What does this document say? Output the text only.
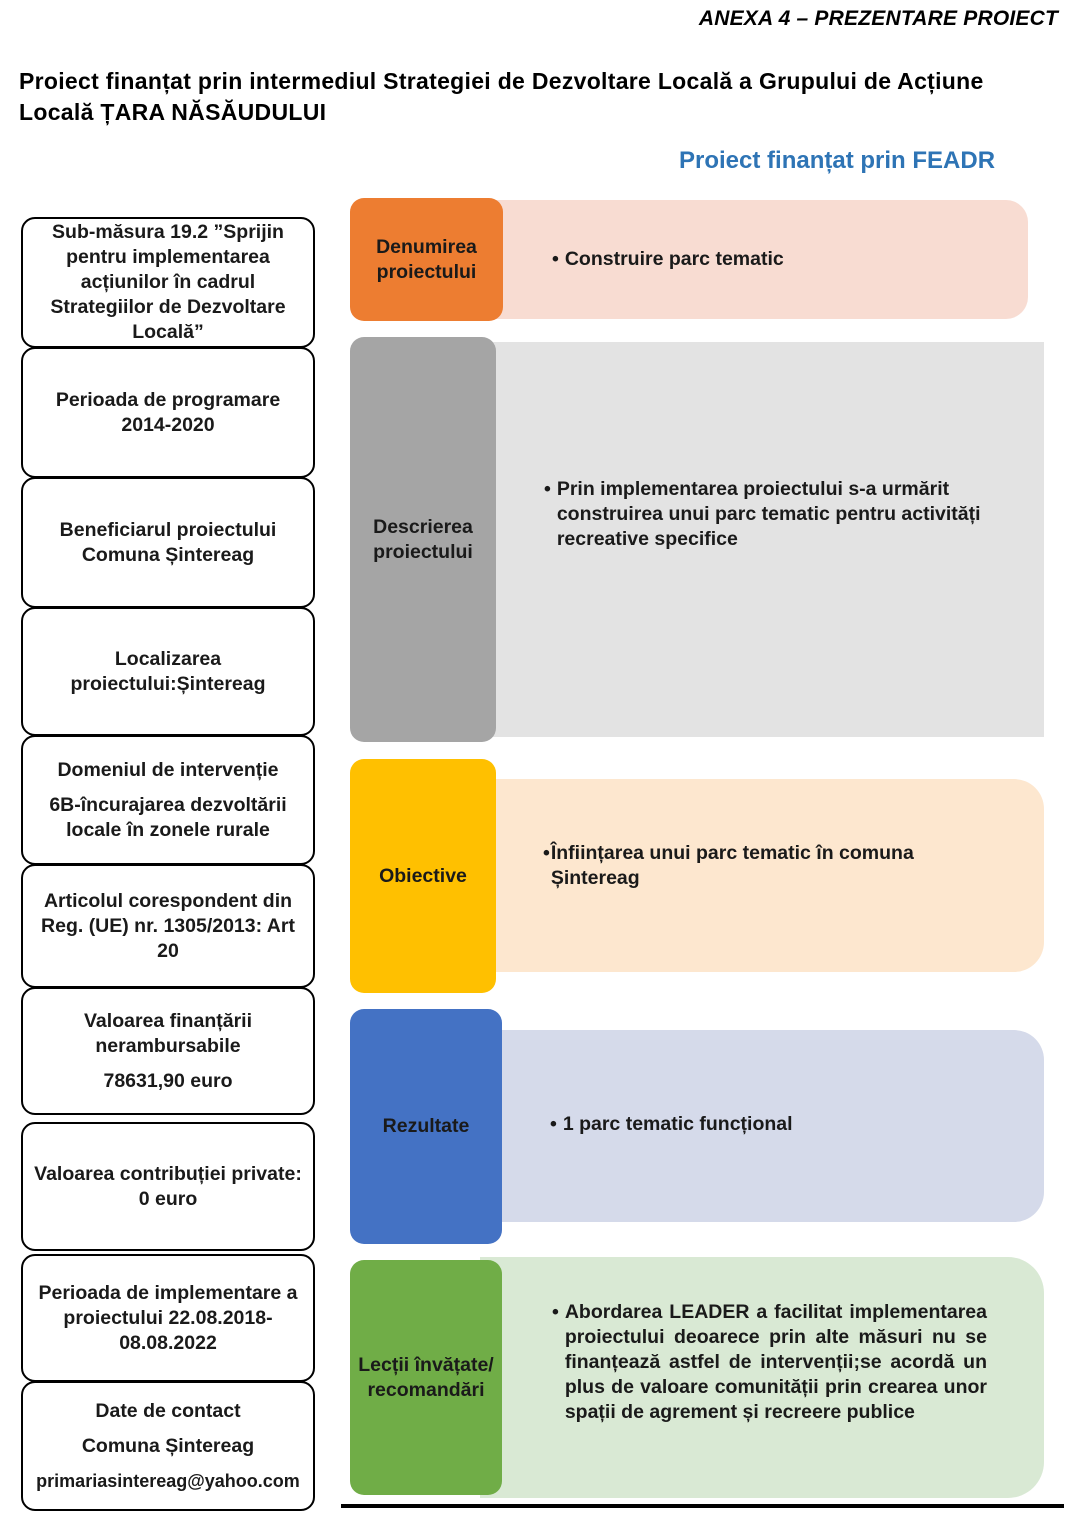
ANEXA 4 – PREZENTARE PROIECT
Proiect finanțat prin intermediul Strategiei de Dezvoltare Locală a Grupului de Acțiune Locală ȚARA NĂSĂUDULUI
Proiect finanțat prin FEADR
Sub-măsura 19.2 ”Sprijin pentru implementarea acțiunilor în cadrul Strategiilor de Dezvoltare Locală”
Perioada de programare 2014-2020
Beneficiarul proiectului Comuna Șintereag
Localizarea proiectului:Șintereag
Domeniul de intervenție
6B-încurajarea dezvoltării locale în zonele rurale
Articolul corespondent din Reg. (UE) nr. 1305/2013: Art 20
Valoarea finanțării nerambursabile
78631,90 euro
Valoarea contribuției private: 0 euro
Perioada de implementare a proiectului 22.08.2018-08.08.2022
Date de contact
Comuna Șintereag
primariasintereag@yahoo.com
• Construire parc tematic
Denumirea proiectului
• Prin implementarea proiectului s-a urmărit construirea unui parc tematic pentru activități recreative specifice
Descrierea proiectului
• Înființarea unui parc tematic în comuna Șintereag
Obiective
• 1 parc tematic funcțional
Rezultate
• Abordarea LEADER a facilitat implementarea proiectului deoarece prin alte măsuri nu se finanțează astfel de intervenții;se acordă un plus de valoare comunității prin crearea unor spații de agrement și recreere publice
Lecții învățate/ recomandări
